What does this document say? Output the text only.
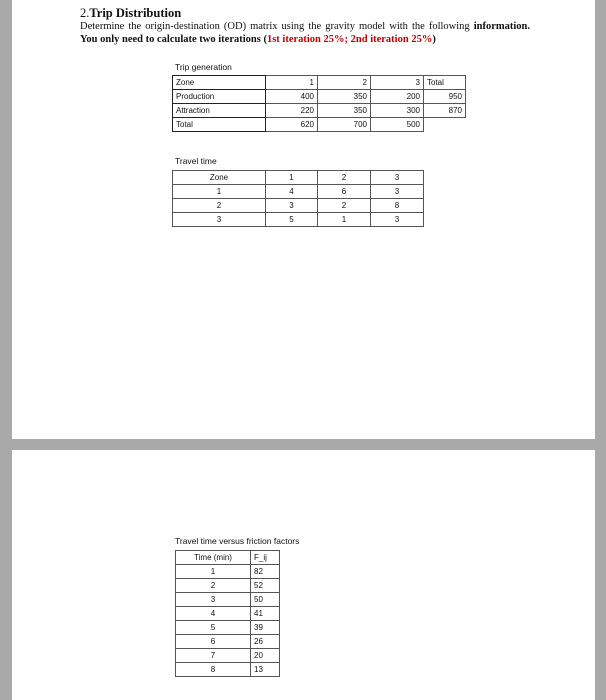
2.Trip Distribution
Determine the origin-destination (OD) matrix using the gravity model with the following information. You only need to calculate two iterations (1st iteration 25%; 2nd iteration 25%)
Trip generation
Zone	1	2	3	Total
Production	400	350	200	950
Attraction	220	350	300	870
Total	620	700	500	
Travel time
Zone	1	2	3
1	4	6	3
2	3	2	8
3	5	1	3
Travel time versus friction factors
Time (min)	F_ij
1	82
2	52
3	50
4	41
5	39
6	26
7	20
8	13
